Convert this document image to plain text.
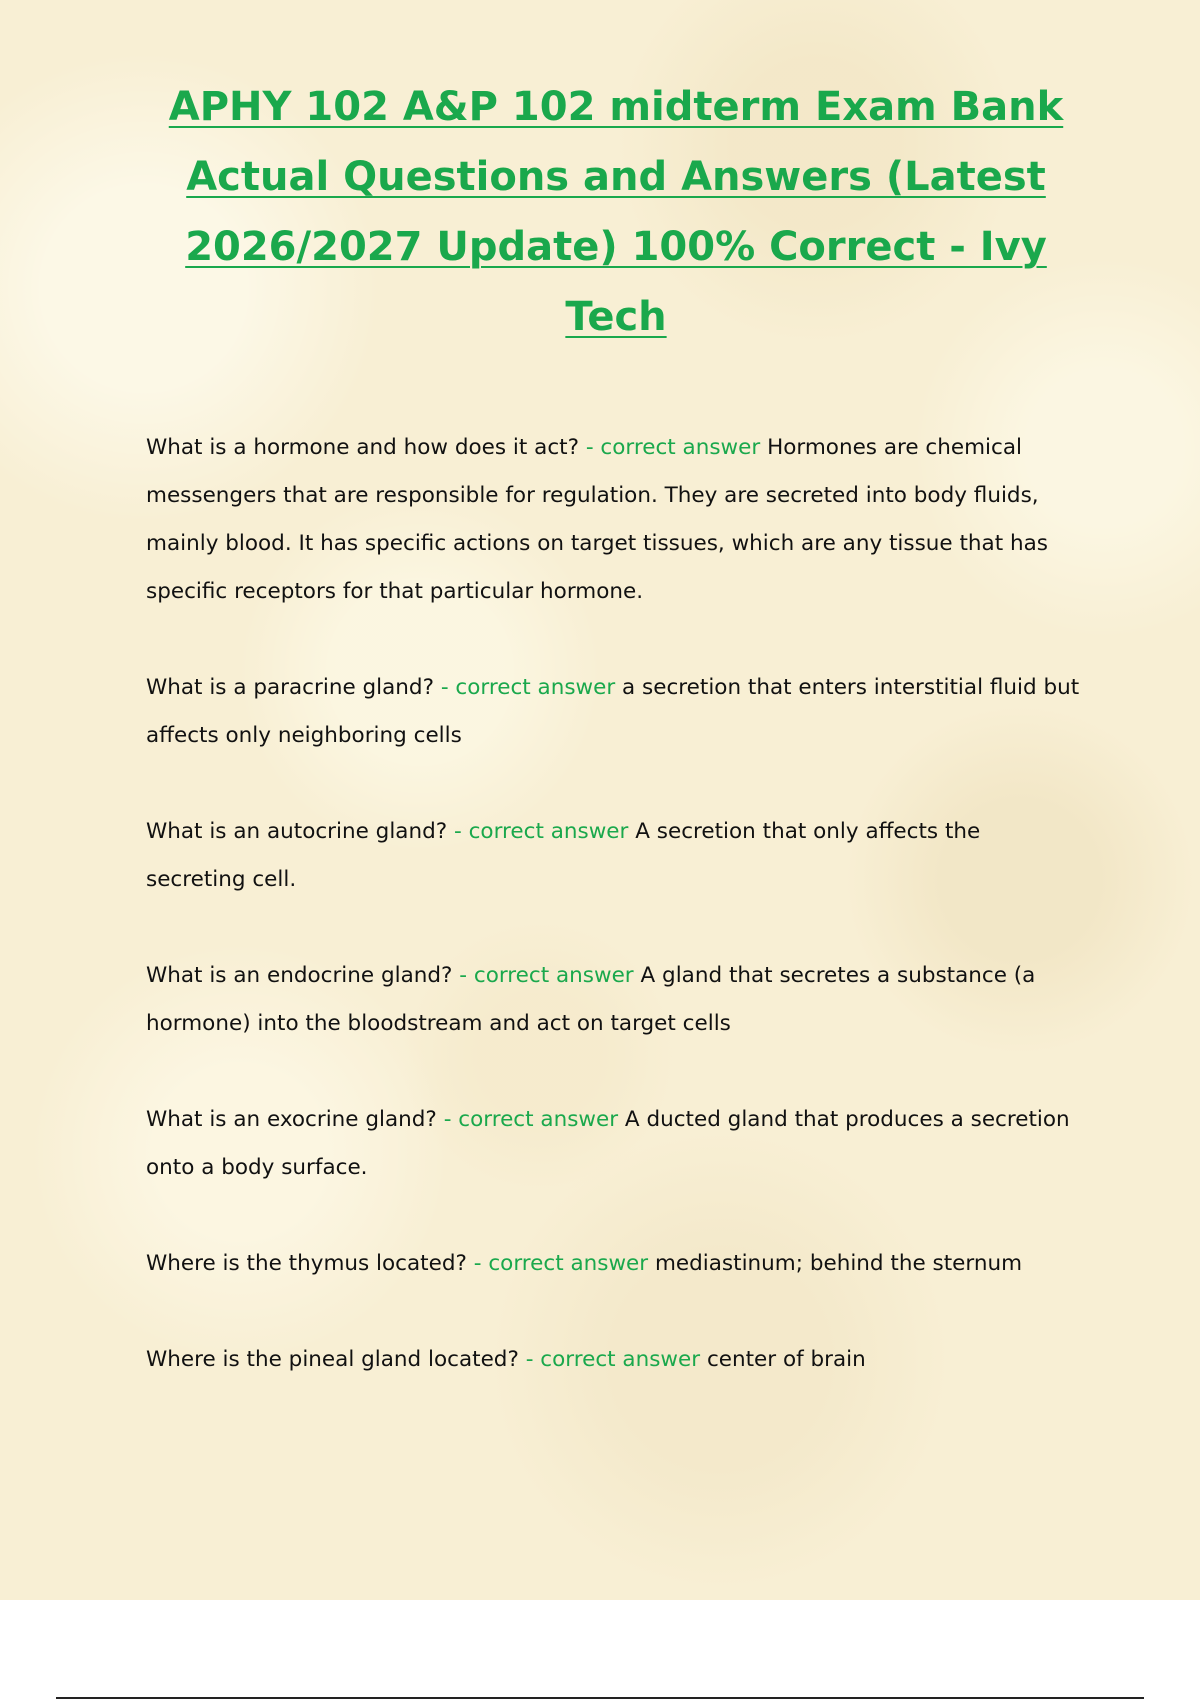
APHY 102 A&P 102 midterm Exam Bank Actual Questions and Answers (Latest 2026/2027 Update) 100% Correct - Ivy Tech
What is a hormone and how does it act? - correct answer Hormones are chemical messengers that are responsible for regulation. They are secreted into body fluids, mainly blood. It has specific actions on target tissues, which are any tissue that has specific receptors for that particular hormone.
What is a paracrine gland? - correct answer a secretion that enters interstitial fluid but affects only neighboring cells
What is an autocrine gland? - correct answer A secretion that only affects the secreting cell.
What is an endocrine gland? - correct answer A gland that secretes a substance (a hormone) into the bloodstream and act on target cells
What is an exocrine gland? - correct answer A ducted gland that produces a secretion onto a body surface.
Where is the thymus located? - correct answer mediastinum; behind the sternum
Where is the pineal gland located? - correct answer center of brain
